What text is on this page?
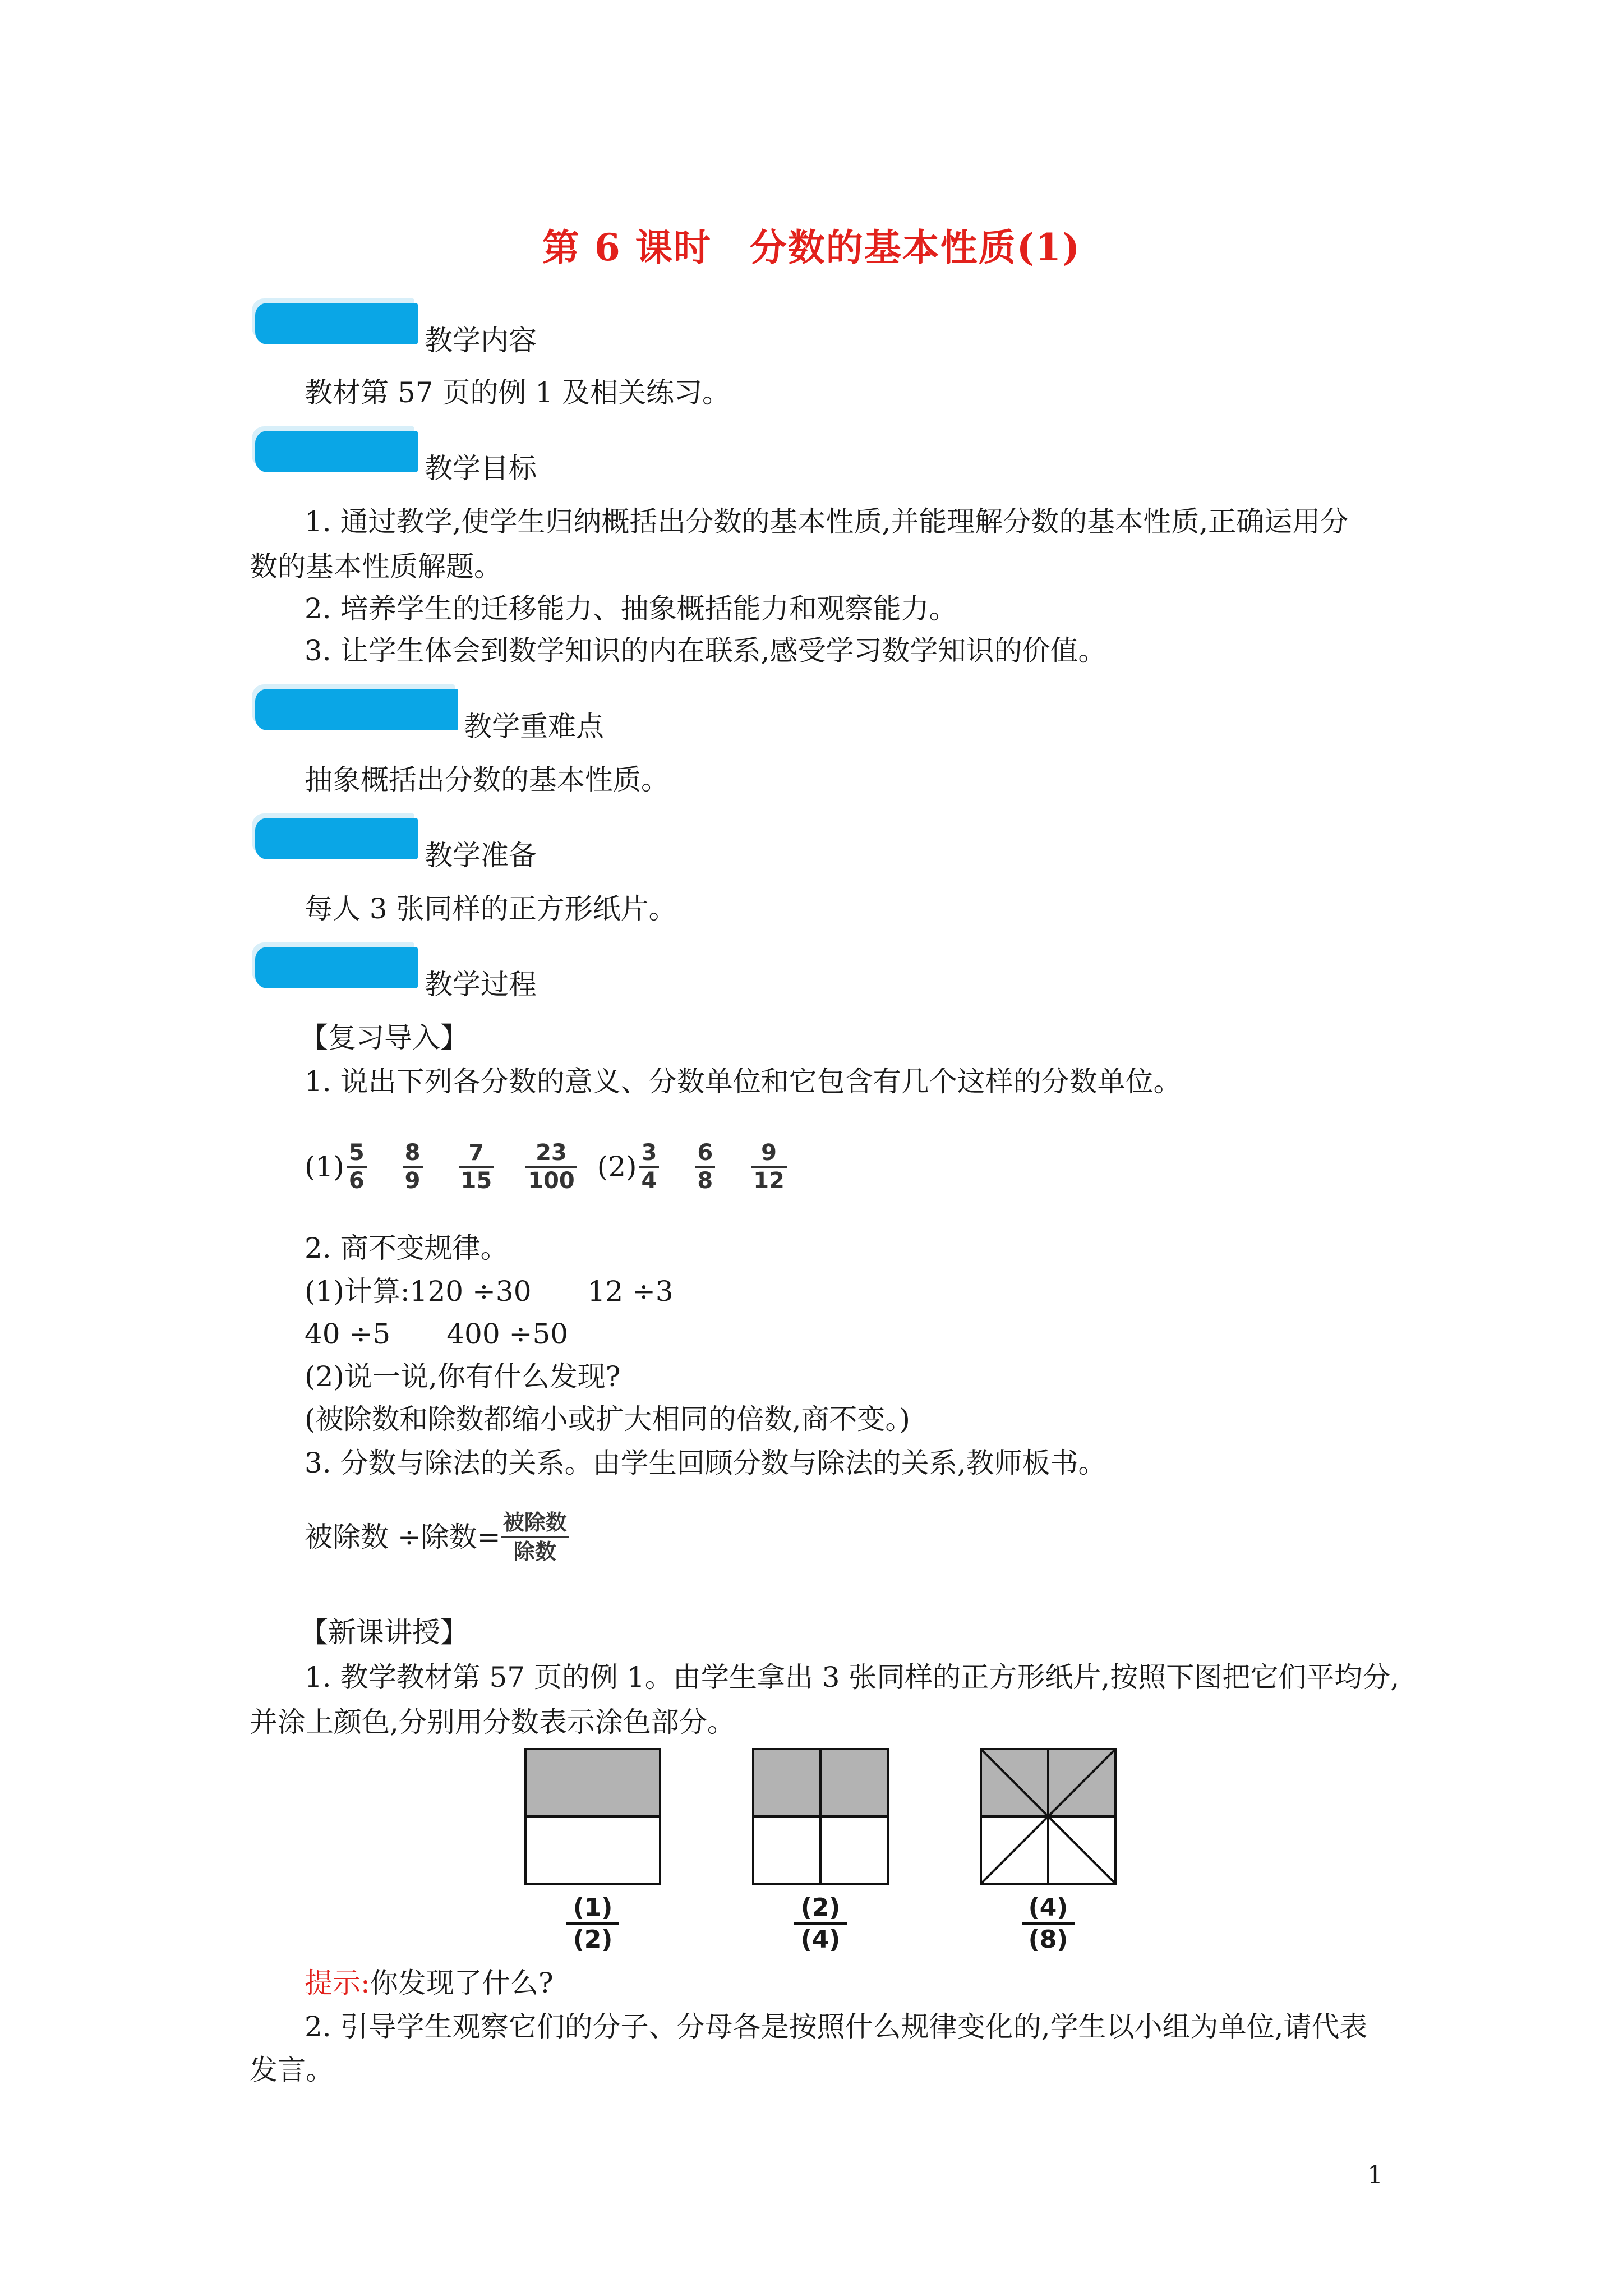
第 6 课时　分数的基本性质(1)
教学内容
教材第 57 页的例 1 及相关练习。
教学目标
1. 通过教学,使学生归纳概括出分数的基本性质,并能理解分数的基本性质,正确运用分
数的基本性质解题。
2. 培养学生的迁移能力、抽象概括能力和观察能力。
3. 让学生体会到数学知识的内在联系,感受学习数学知识的价值。
教学重难点
抽象概括出分数的基本性质。
教学准备
每人 3 张同样的正方形纸片。
教学过程
【复习导入】
1. 说出下列各分数的意义、分数单位和它包含有几个这样的分数单位。
$(1) \frac{5}{6} \frac{8}{9} \frac{7}{15} \frac{23}{100} (2) \frac{3}{4} \frac{6}{8} \frac{9}{12}$
2. 商不变规律。
(1)计算:120 ÷30　　12 ÷3
40 ÷5　　400 ÷50
(2)说一说,你有什么发现?
(被除数和除数都缩小或扩大相同的倍数,商不变。)
3. 分数与除法的关系。由学生回顾分数与除法的关系,教师板书。
被除数 ÷除数= $\frac{\text{被除数}}{\text{除数}}$
【新课讲授】
1. 教学教材第 57 页的例 1。由学生拿出 3 张同样的正方形纸片,按照下图把它们平均分,
并涂上颜色,分别用分数表示涂色部分。
(1)
(2)
(2)
(4)
(4)
(8)
提示:你发现了什么?
2. 引导学生观察它们的分子、分母各是按照什么规律变化的,学生以小组为单位,请代表
发言。
1
